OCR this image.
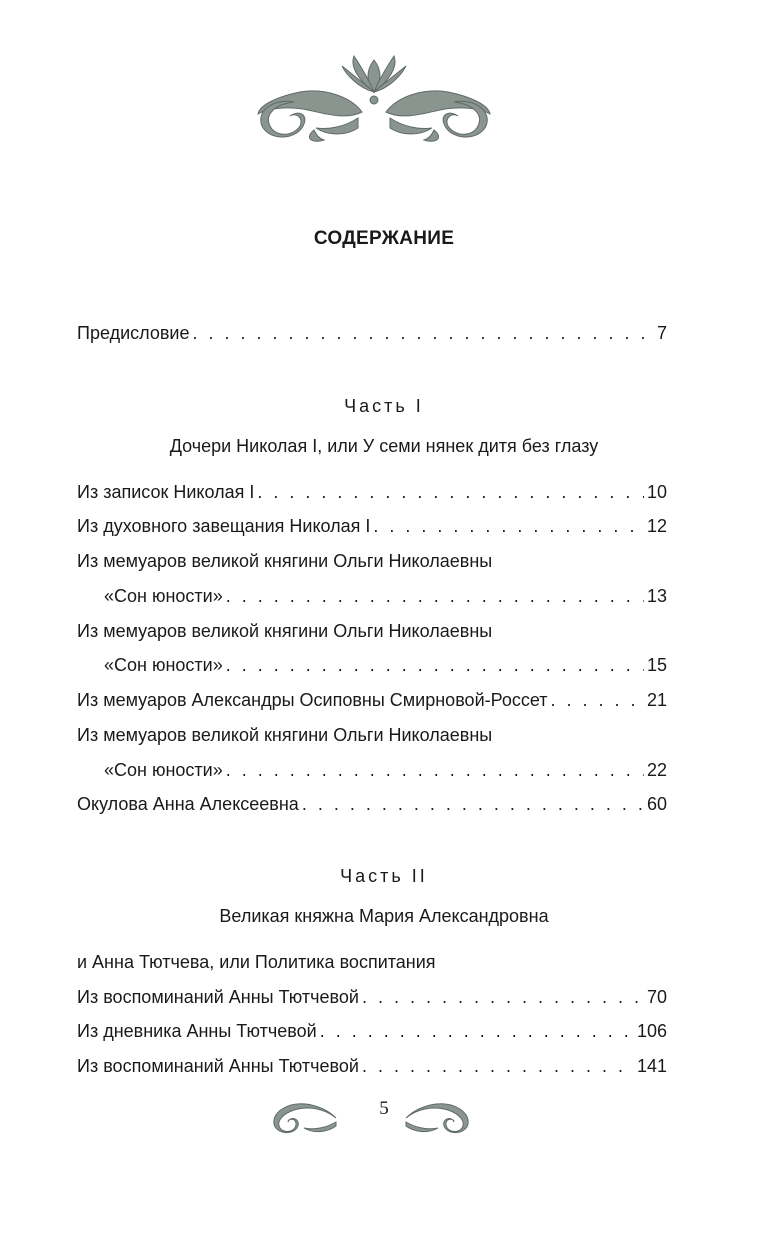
СОДЕРЖАНИЕ
Предисловие . . .	7

Часть I

Дочери Николая I, или У семи нянек дитя без глазу

Из записок Николая I . . .	10
Из духовного завещания Николая I . . .	12

Из мемуаров великой княгини Ольги Николаевны

«Сон юности» . . .	13

Из мемуаров великой княгини Ольги Николаевны

«Сон юности» . . .	15
Из мемуаров Александры Осиповны Смирновой-Россет . . .	21

Из мемуаров великой княгини Ольги Николаевны

«Сон юности» . . .	22
Окулова Анна Алексеевна . . .	60

Часть II

Великая княжна Мария Александровна

и Анна Тютчева, или Политика воспитания

Из воспоминаний Анны Тютчевой . . .	70
Из дневника Анны Тютчевой . . .	106
Из воспоминаний Анны Тютчевой . . .	141
5
